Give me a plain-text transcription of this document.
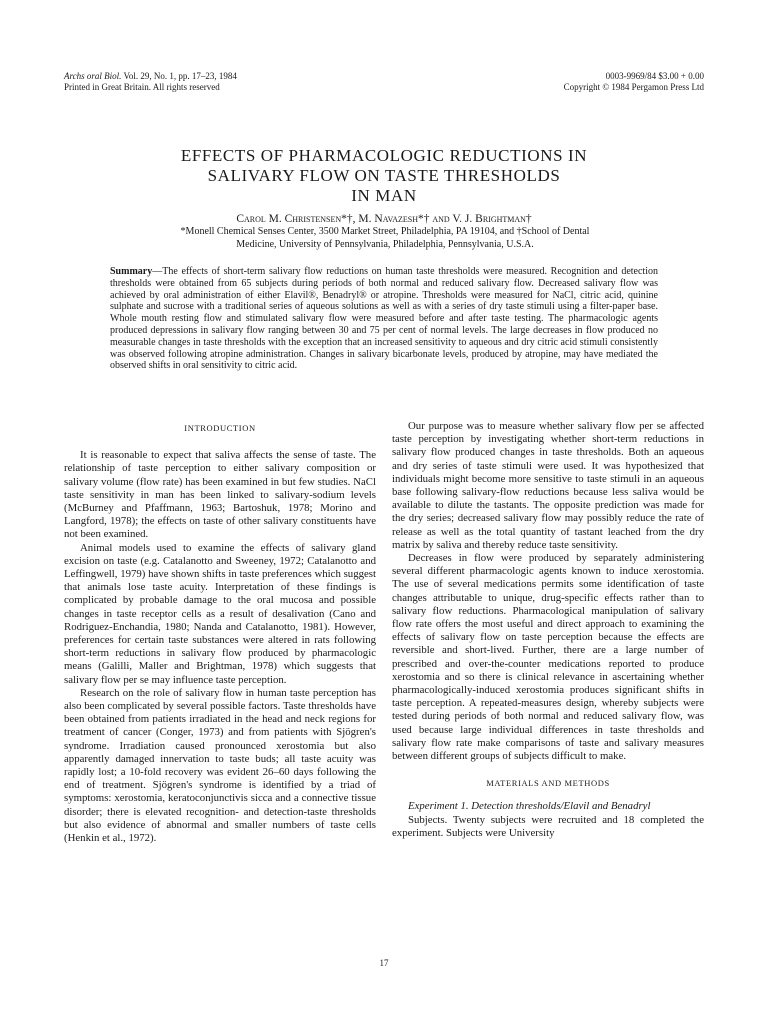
Archs oral Biol. Vol. 29, No. 1, pp. 17–23, 1984
Printed in Great Britain. All rights reserved
0003-9969/84 $3.00 + 0.00
Copyright © 1984 Pergamon Press Ltd
EFFECTS OF PHARMACOLOGIC REDUCTIONS IN
SALIVARY FLOW ON TASTE THRESHOLDS
IN MAN
Carol M. Christensen*†, M. Navazesh*† and V. J. Brightman†
*Monell Chemical Senses Center, 3500 Market Street, Philadelphia, PA 19104, and †School of Dental
Medicine, University of Pennsylvania, Philadelphia, Pennsylvania, U.S.A.
Summary—The effects of short-term salivary flow reductions on human taste thresholds were measured. Recognition and detection thresholds were obtained from 65 subjects during periods of both normal and reduced salivary flow. Decreased salivary flow was achieved by oral administration of either Elavil®, Benadryl® or atropine. Thresholds were measured for NaCl, citric acid, quinine sulphate and sucrose with a traditional series of aqueous solutions as well as with a series of dry taste stimuli using a filter-paper base. Whole mouth resting flow and stimulated salivary flow were measured before and after taste testing. The pharmacologic agents produced depressions in salivary flow ranging between 30 and 75 per cent of normal levels. The large decreases in flow produced no measurable changes in taste thresholds with the exception that an increased sensitivity to aqueous and dry citric acid stimuli consistently was observed following atropine administration. Changes in salivary bicarbonate levels, produced by atropine, may have mediated the observed shifts in oral sensitivity to citric acid.
INTRODUCTION

It is reasonable to expect that saliva affects the sense of taste. The relationship of taste perception to either salivary composition or salivary volume (flow rate) has been examined in but few studies. NaCl taste sensitivity in man has been linked to salivary-sodium levels (McBurney and Pfaffmann, 1963; Bartoshuk, 1978; Morino and Langford, 1978); the effects on taste of other salivary constituents have not been examined.

Animal models used to examine the effects of salivary gland excision on taste (e.g. Catalanotto and Sweeney, 1972; Catalanotto and Leffingwell, 1979) have shown shifts in taste preferences which suggest that animals lose taste acuity. Interpretation of these findings is complicated by probable damage to the oral mucosa and possible changes in taste receptor cells as a result of desalivation (Cano and Rodriguez-Enchandia, 1980; Nanda and Catalanotto, 1981). However, preferences for certain taste substances were altered in rats following short-term reductions in salivary flow produced by pharmacologic means (Galilli, Maller and Brightman, 1978) which suggests that salivary flow per se may influence taste perception.

Research on the role of salivary flow in human taste perception has also been complicated by several possible factors. Taste thresholds have been obtained from patients irradiated in the head and neck regions for treatment of cancer (Conger, 1973) and from patients with Sjögren's syndrome. Irradiation caused pronounced xerostomia but also apparently damaged innervation to taste buds; all taste acuity was rapidly lost; a 10-fold recovery was evident 26–60 days following the end of treatment. Sjögren's syndrome is identified by a triad of symptoms: xerostomia, keratoconjunctivis sicca and a connective tissue disorder; there is elevated recognition- and detection-taste thresholds but also evidence of abnormal and smaller numbers of taste cells (Henkin et al., 1972).

Our purpose was to measure whether salivary flow per se affected taste perception by investigating whether short-term reductions in salivary flow produced changes in taste thresholds. Both an aqueous and dry series of taste stimuli were used. It was hypothesized that individuals might become more sensitive to taste stimuli in an aqueous base following salivary-flow reductions because less saliva would be available to dilute the tastants. The opposite prediction was made for the dry series; decreased salivary flow may possibly reduce the rate of release as well as the total quantity of tastant leached from the dry matrix by saliva and thereby reduce taste sensitivity.

Decreases in flow were produced by separately administering several different pharmacologic agents known to induce xerostomia. The use of several medications permits some identification of taste changes attributable to unique, drug-specific effects rather than to salivary flow reductions. Pharmacological manipulation of salivary flow rate offers the most useful and direct approach to examining the effects of salivary flow on taste perception because the effects are reversible and short-lived. Further, there are a large number of prescribed and over-the-counter medications reported to produce xerostomia and so there is clinical relevance in ascertaining whether pharmacologically-induced xerostomia produces significant shifts in taste perception. A repeated-measures design, whereby subjects were tested during periods of both normal and reduced salivary flow, was used because large individual differences in taste thresholds and salivary flow rate make comparisons of taste and salivary measures between different groups of subjects difficult to make.

MATERIALS AND METHODS

Experiment 1. Detection thresholds/Elavil and Benadryl

Subjects. Twenty subjects were recruited and 18 completed the experiment. Subjects were University

17
